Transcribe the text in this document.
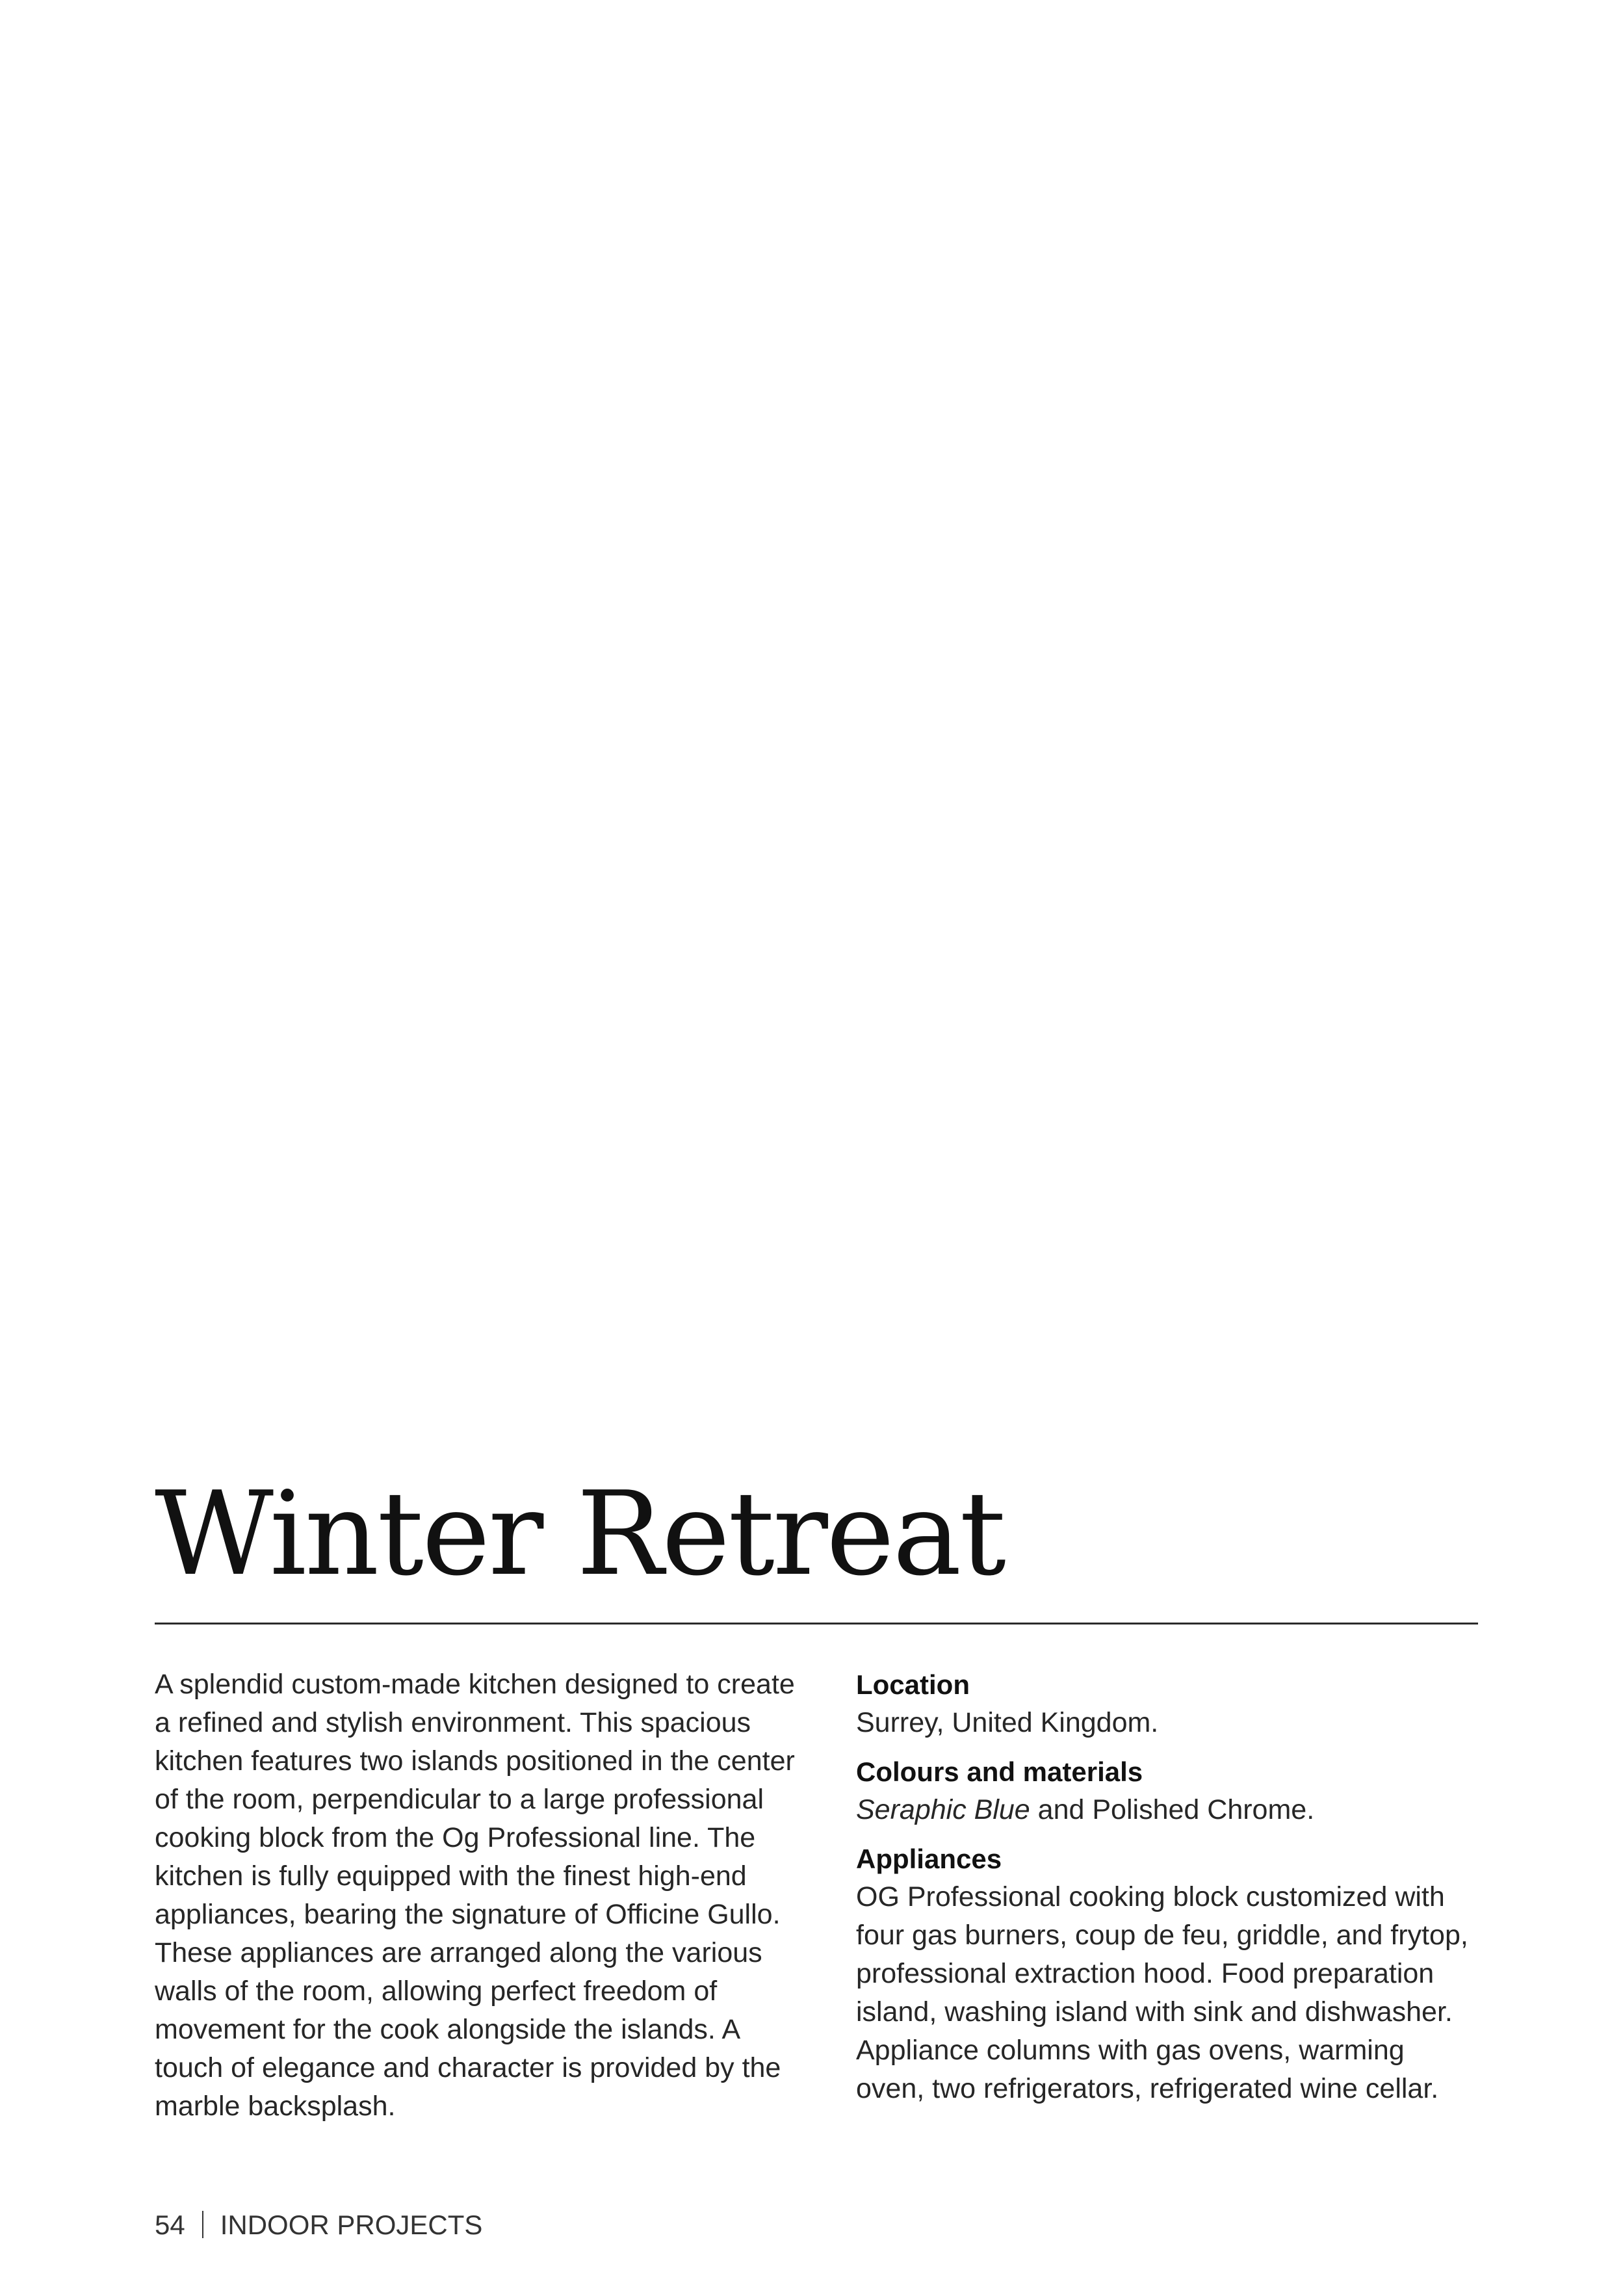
Winter Retreat

A splendid custom-made kitchen designed to create a refined and stylish environment. This spacious kitchen features two islands positioned in the center of the room, perpendicular to a large professional cooking block from the Og Professional line. The kitchen is fully equipped with the finest high-end appliances, bearing the signature of Officine Gullo. These appliances are arranged along the various walls of the room, allowing perfect freedom of movement for the cook alongside the islands. A touch of elegance and character is provided by the marble backsplash.

Location
Surrey, United Kingdom.
Colours and materials
Seraphic Blue and Polished Chrome.
Appliances
OG Professional cooking block customized with four gas burners, coup de feu, griddle, and frytop, professional extraction hood. Food preparation island, washing island with sink and dishwasher. Appliance columns with gas ovens, warming oven, two refrigerators, refrigerated wine cellar.
54 INDOOR PROJECTS
